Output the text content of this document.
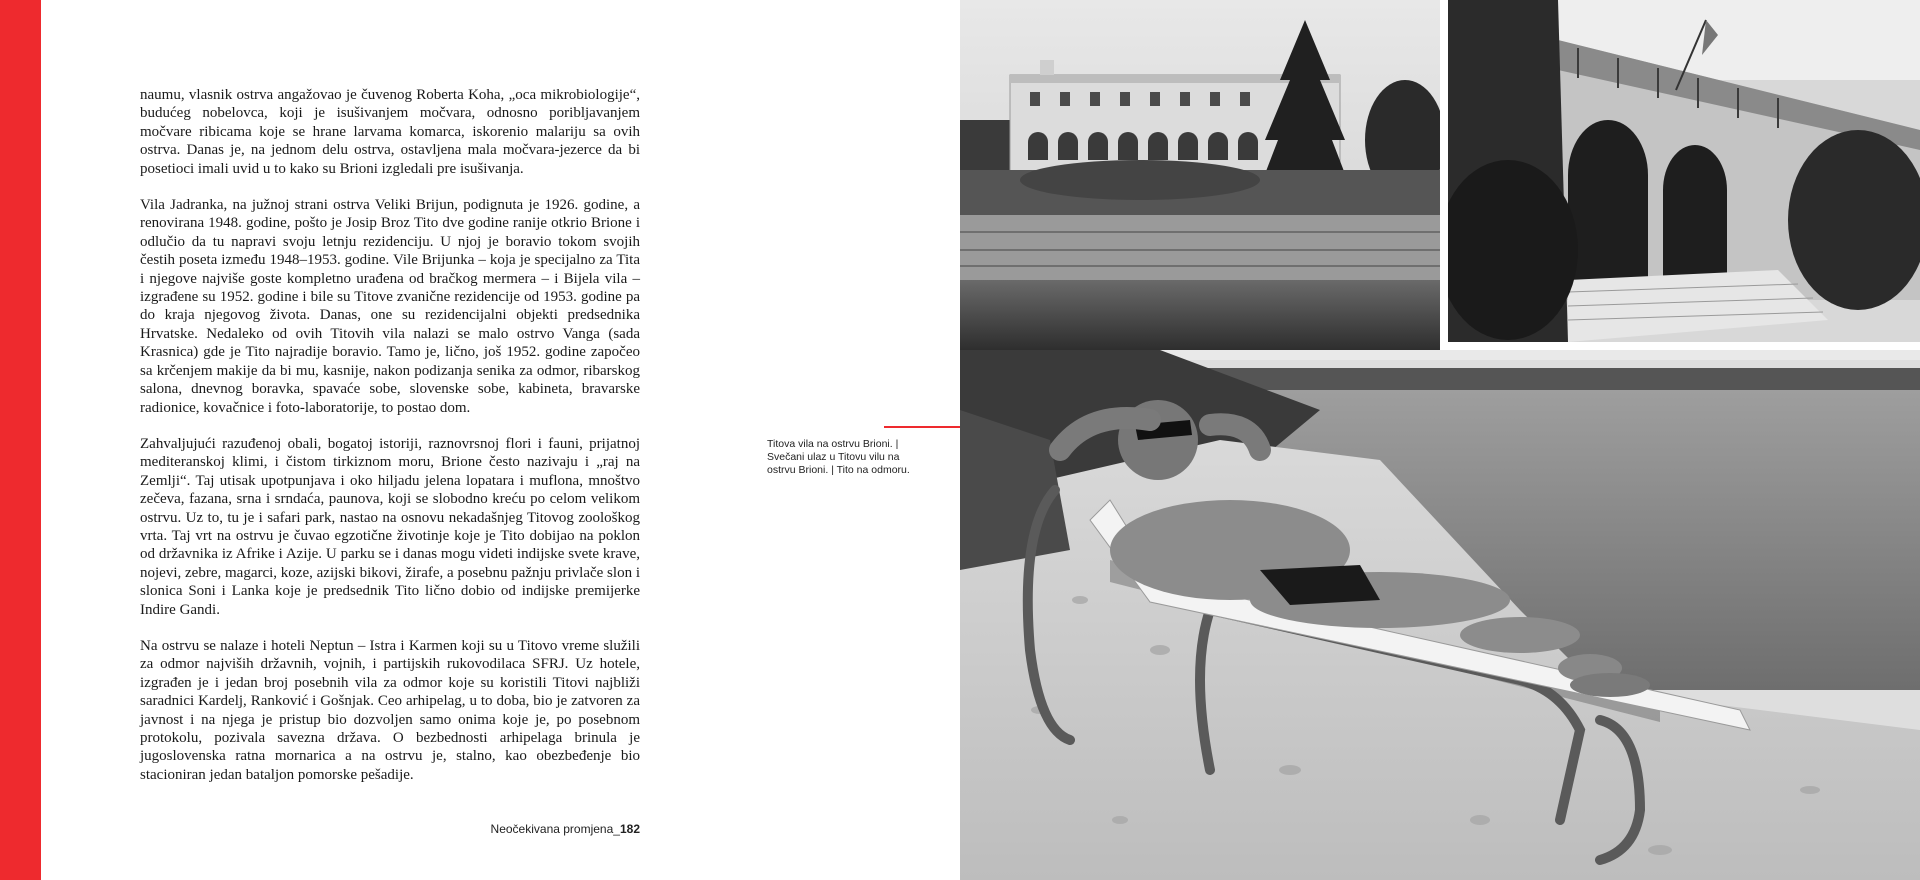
naumu, vlasnik ostrva angažovao je čuvenog Roberta Koha, „oca mikrobiologije“, budućeg nobelovca, koji je isušivanjem močvara, odnosno poribljavanjem močvare ribicama koje se hrane larvama komarca, iskorenio malariju sa ovih ostrva. Danas je, na jednom delu ostrva, ostavljena mala močvara-jezerce da bi posetioci imali uvid u to kako su Brioni izgledali pre isušivanja.

Vila Jadranka, na južnoj strani ostrva Veliki Brijun, podignuta je 1926. godine, a renovirana 1948. godine, pošto je Josip Broz Tito dve godine ranije otkrio Brione i odlučio da tu napravi svoju letnju rezidenciju. U njoj je boravio tokom svojih čestih poseta između 1948–1953. godine. Vile Brijunka – koja je specijalno za Tita i njegove najviše goste kompletno urađena od bračkog mermera – i Bijela vila – izgrađene su 1952. godine i bile su Titove zvanične rezidencije od 1953. godine pa do kraja njegovog života. Danas, one su rezidencijalni objekti predsednika Hrvatske. Nedaleko od ovih Titovih vila nalazi se malo ostrvo Vanga (sada Krasnica) gde je Tito najradije boravio. Tamo je, lično, još 1952. godine započeo sa krčenjem makije da bi mu, kasnije, nakon podizanja senika za odmor, ribarskog salona, dnevnog boravka, spavaće sobe, slovenske sobe, kabineta, bravarske radionice, kovačnice i foto-laboratorije, to postao dom.

Zahvaljujući razuđenoj obali, bogatoj istoriji, raznovrsnoj flori i fauni, prijatnoj mediteranskoj klimi, i čistom tirkiznom moru, Brione često nazivaju i „raj na Zemlji“. Taj utisak upotpunjava i oko hiljadu jelena lopatara i muflona, mnoštvo zečeva, fazana, srna i srndaća, paunova, koji se slobodno kreću po celom velikom ostrvu. Uz to, tu je i safari park, nastao na osnovu nekadašnjeg Titovog zoološkog vrta. Taj vrt na ostrvu je čuvao egzotične životinje koje je Tito dobijao na poklon od državnika iz Afrike i Azije. U parku se i danas mogu videti indijske svete krave, nojevi, zebre, magarci, koze, azijski bikovi, žirafe, a posebnu pažnju privlače slon i slonica Soni i Lanka koje je predsednik Tito lično dobio od indijske premijerke Indire Gandi.

Na ostrvu se nalaze i hoteli Neptun – Istra i Karmen koji su u Titovo vreme služili za odmor najviših državnih, vojnih, i partijskih rukovodilaca SFRJ. Uz hotele, izgrađen je i jedan broj posebnih vila za odmor koje su koristili Titovi najbliži saradnici Kardelj, Ranković i Gošnjak. Ceo arhipelag, u to doba, bio je zatvoren za javnost i na njega je pristup bio dozvoljen samo onima koje je, po posebnom protokolu, pozivala savezna država. O bezbednosti arhipelaga brinula je jugoslovenska ratna mornarica a na ostrvu je, stalno, kao obezbeđenje bio stacioniran jedan bataljon pomorske pešadije.

Neočekivana promjena_182
Titova vila na ostrvu Brioni. | Svečani ulaz u Titovu vilu na ostrvu Brioni. | Tito na odmoru.
